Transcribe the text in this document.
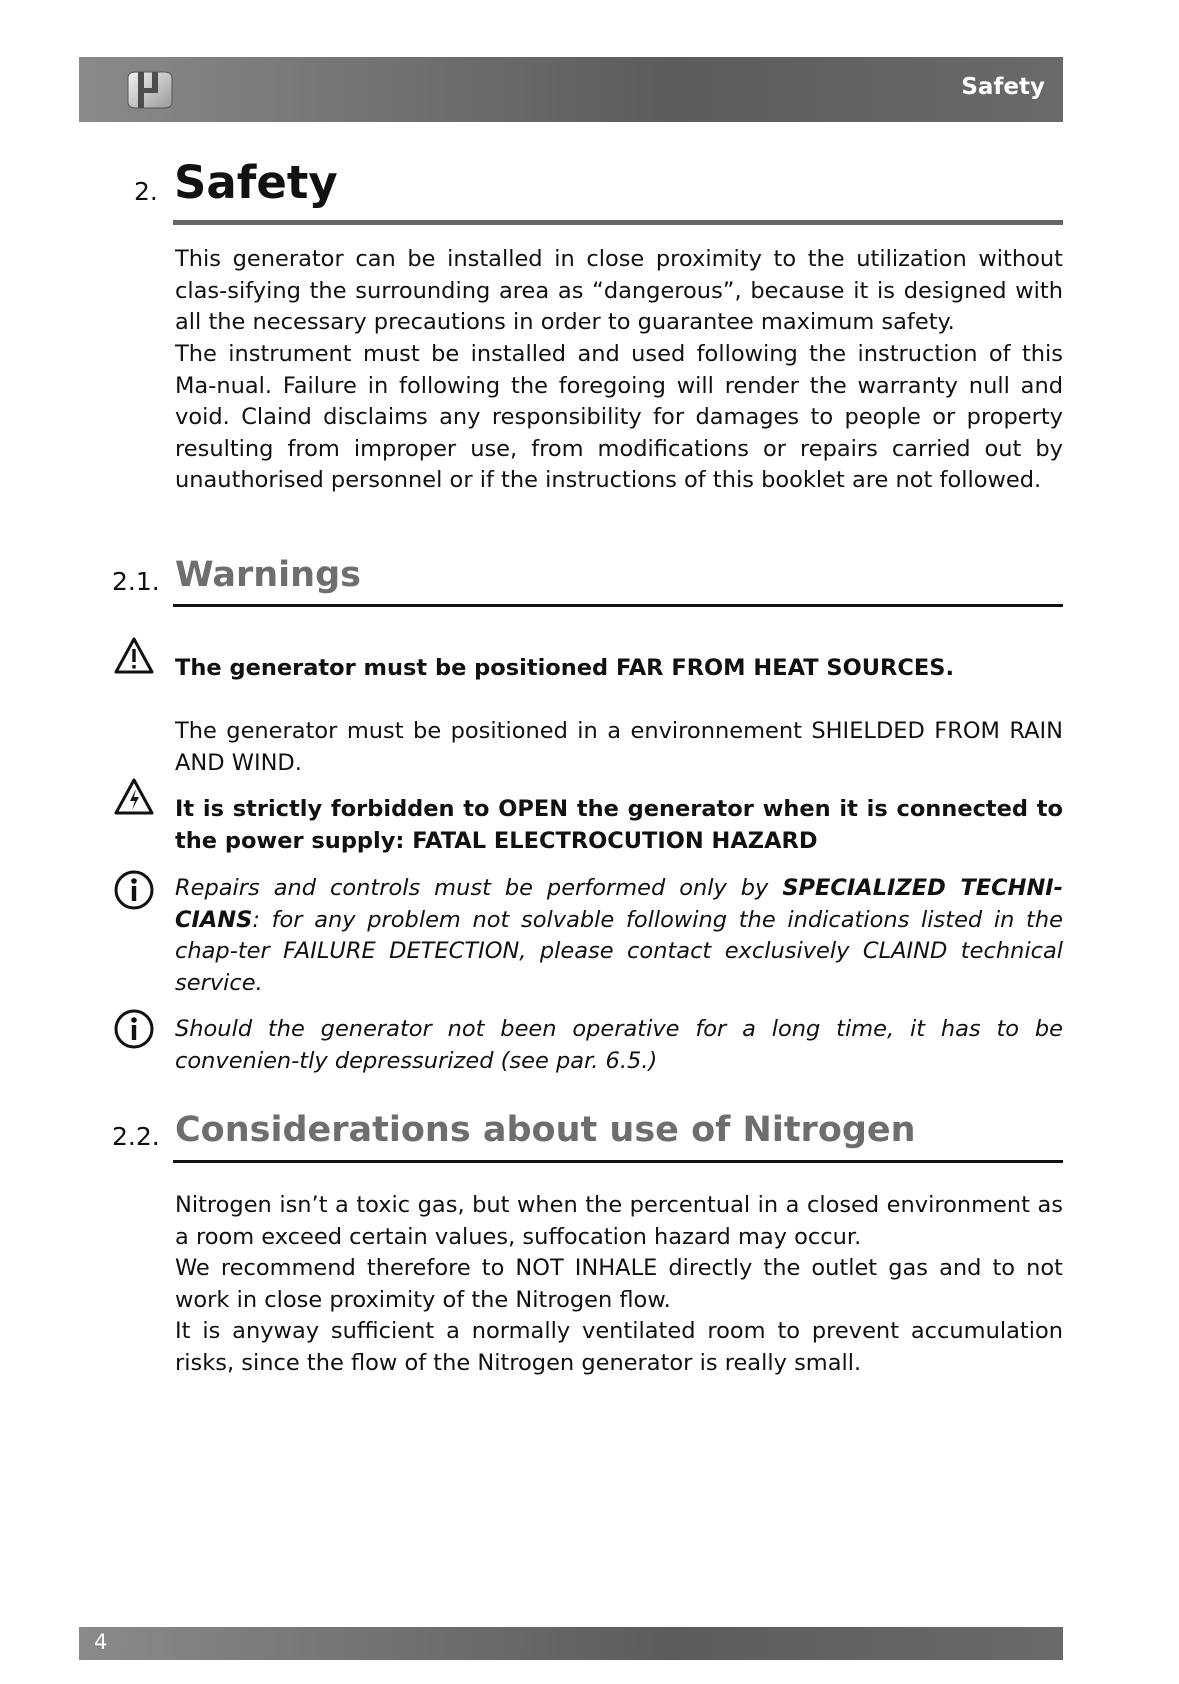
Safety
2. Safety

This generator can be installed in close proximity to the utilization without clas-sifying the surrounding area as “dangerous”, because it is designed with all the necessary precautions in order to guarantee maximum safety.

The instrument must be installed and used following the instruction of this Ma-nual. Failure in following the foregoing will render the warranty null and void. Claind disclaims any responsibility for damages to people or property resulting from improper use, from modifications or repairs carried out by unauthorised personnel or if the instructions of this booklet are not followed.

2.1. Warnings

The generator must be positioned FAR FROM HEAT SOURCES.

The generator must be positioned in a environnement SHIELDED FROM RAIN AND WIND.

It is strictly forbidden to OPEN the generator when it is connected to the power supply: FATAL ELECTROCUTION HAZARD

Repairs and controls must be performed only by SPECIALIZED TECHNI-CIANS: for any problem not solvable following the indications listed in the chap-ter FAILURE DETECTION, please contact exclusively CLAIND technical service.

Should the generator not been operative for a long time, it has to be convenien-tly depressurized (see par. 6.5.)

2.2. Considerations about use of Nitrogen

Nitrogen isn’t a toxic gas, but when the percentual in a closed environment as a room exceed certain values, suffocation hazard may occur.

We recommend therefore to NOT INHALE directly the outlet gas and to not work in close proximity of the Nitrogen flow.

It is anyway sufficient a normally ventilated room to prevent accumulation risks, since the flow of the Nitrogen generator is really small.

4
